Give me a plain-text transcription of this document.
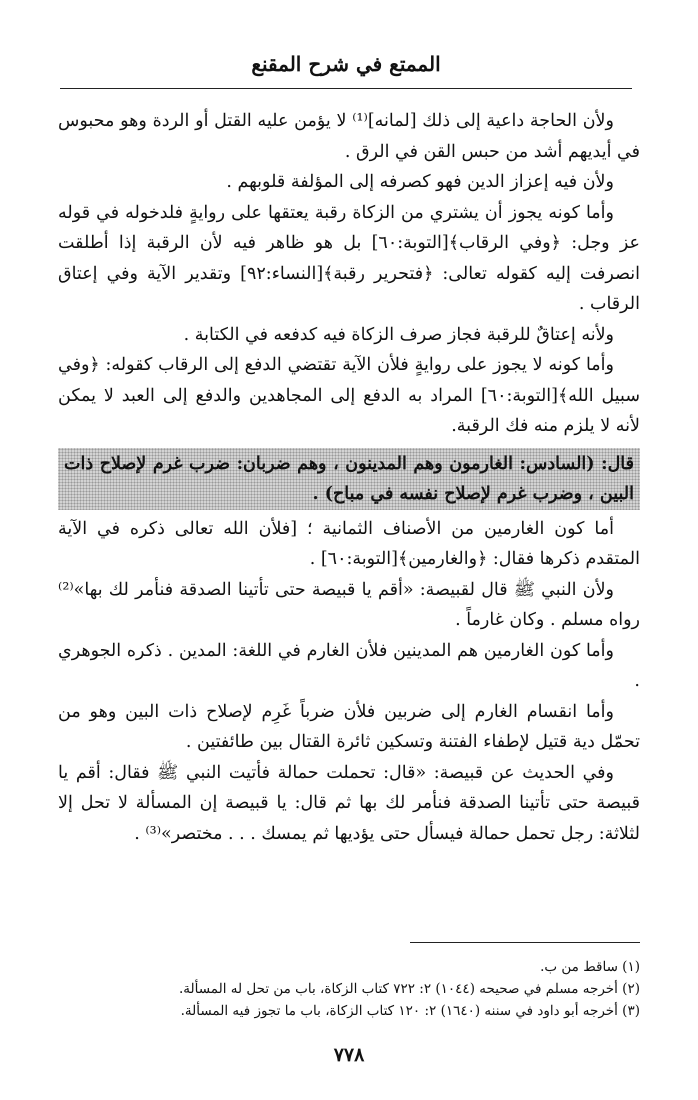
الممتع في شرح المقنع

ولأن الحاجة داعية إلى ذلك [لمانه]⁽¹⁾ لا يؤمن عليه القتل أو الردة وهو محبوس في أيديهم أشد من حبس القن في الرق .

ولأن فيه إعزاز الدين فهو كصرفه إلى المؤلفة قلوبهم .

وأما كونه يجوز أن يشتري من الزكاة رقبة يعتقها على روايةٍ فلدخوله في قوله عز وجل: ﴿وفي الرقاب﴾[التوبة:٦٠] بل هو ظاهر فيه لأن الرقبة إذا أطلقت انصرفت إليه كقوله تعالى: ﴿فتحرير رقبة﴾[النساء:٩٢] وتقدير الآية وفي إعتاق الرقاب .

ولأنه إعتاقٌ للرقبة فجاز صرف الزكاة فيه كدفعه في الكتابة .

وأما كونه لا يجوز على روايةٍ فلأن الآية تقتضي الدفع إلى الرقاب كقوله: ﴿وفي سبيل الله﴾[التوبة:٦٠] المراد به الدفع إلى المجاهدين والدفع إلى العبد لا يمكن لأنه لا يلزم منه فك الرقبة.

قال: (السادس: الغارمون وهم المدينون ، وهم ضربان: ضرب غرم لإصلاح ذات البين ، وضرب غرم لإصلاح نفسه في مباح) .

أما كون الغارمين من الأصناف الثمانية ؛ [فلأن الله تعالى ذكره في الآية المتقدم ذكرها فقال: ﴿والغارمين﴾[التوبة:٦٠] .

ولأن النبي ﷺ قال لقبيصة: «أقم يا قبيصة حتى تأتينا الصدقة فنأمر لك بها»⁽²⁾ رواه مسلم . وكان غارماً .

وأما كون الغارمين هم المدينين فلأن الغارم في اللغة: المدين . ذكره الجوهري .

وأما انقسام الغارم إلى ضربين فلأن ضرباً غَرِم لإصلاح ذات البين وهو من تحمّل دية قتيل لإطفاء الفتنة وتسكين ثائرة القتال بين طائفتين .

وفي الحديث عن قبيصة: «قال: تحملت حمالة فأتيت النبي ﷺ فقال: أقم يا قبيصة حتى تأتينا الصدقة فنأمر لك بها ثم قال: يا قبيصة إن المسألة لا تحل إلا لثلاثة: رجل تحمل حمالة فيسأل حتى يؤديها ثم يمسك . . . مختصر»⁽³⁾ .

(١) ساقط من ب.
(٢) أخرجه مسلم في صحيحه (١٠٤٤) ٢: ٧٢٢ كتاب الزكاة، باب من تحل له المسألة.
(٣) أخرجه أبو داود في سننه (١٦٤٠) ٢: ١٢٠ كتاب الزكاة، باب ما تجوز فيه المسألة.
٧٧٨
